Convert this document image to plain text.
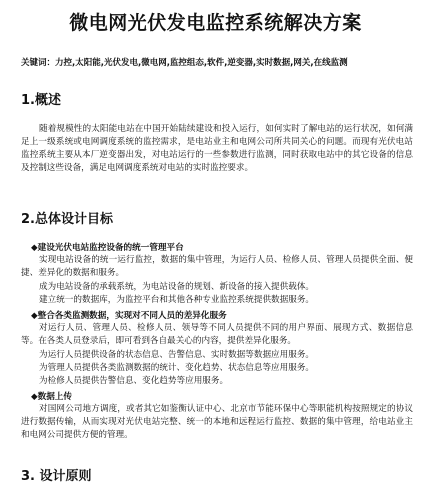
微电网光伏发电监控系统解决方案
关键词：力控,太阳能,光伏发电,微电网,监控组态,软件,逆变器,实时数据,网关,在线监测
1.概述
随着规模性的太阳能电站在中国开始陆续建设和投入运行，如何实时了解电站的运行状况，如何满足上一级系统或电网调度系统的监控需求，是电站业主和电网公司所共同关心的问题。而现有光伏电站监控系统主要从本厂逆变器出发，对电站运行的一些参数进行监测，同时获取电站中的其它设备的信息及控制这些设备，满足电网调度系统对电站的实时监控要求。
2.总体设计目标
◆建设光伏电站监控设备的统一管理平台
实现电站设备的统一运行监控，数据的集中管理，为运行人员、检修人员、管理人员提供全面、便捷、差异化的数据和服务。
成为电站设备的承载系统，为电站设备的规划、新设备的接入提供载体。
建立统一的数据库，为监控平台和其他各种专业监控系统提供数据服务。
◆整合各类监测数据，实现对不同人员的差异化服务
对运行人员、管理人员、检修人员、领导等不同人员提供不同的用户界面、展现方式、数据信息等。在各类人员登录后，即可看到各自最关心的内容，提供差异化服务。
为运行人员提供设备的状态信息、告警信息、实时数据等数据应用服务。
为管理人员提供各类监测数据的统计、变化趋势、状态信息等应用服务。
为检修人员提供告警信息、变化趋势等应用服务。
◆数据上传
对国网公司地方调度，或者其它如鉴衡认证中心、北京市节能环保中心等职能机构按照规定的协议进行数据传输，从而实现对光伏电站完整、统一的本地和远程运行监控、数据的集中管理，给电站业主和电网公司提供方便的管理。
3. 设计原则
